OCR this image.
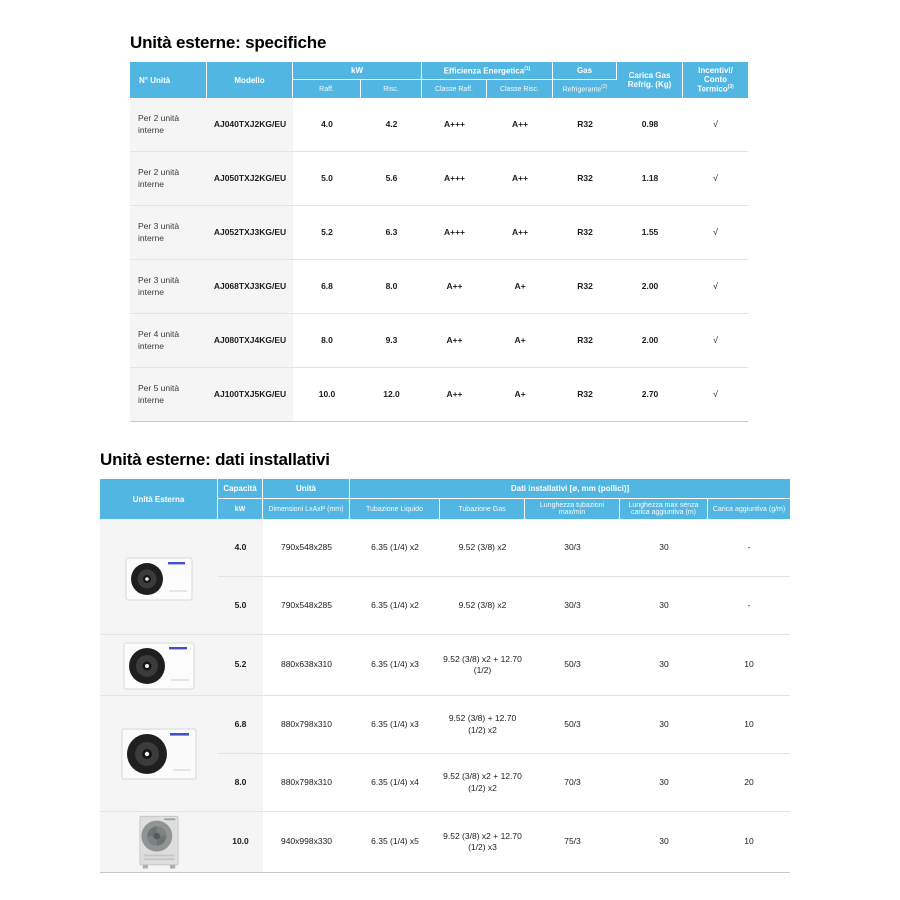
Unità esterne: specifiche
N° Unità	Modello	kW		Efficienza Energetica$^{(1)}$		Gas	Carica Gas Refrig. (Kg)	Incentivi/
Conto Termico$^{(3)}$

		Raff.	Risc.	Classe Raff.	Classe Risc.	Refrigerante$^{(2)}$
Per 2 unità interne	AJ040TXJ2KG/EU	4.0	4.2	A+++	A++	R32	0.98	√
Per 2 unità interne	AJ050TXJ2KG/EU	5.0	5.6	A+++	A++	R32	1.18	√
Per 3 unità interne	AJ052TXJ3KG/EU	5.2	6.3	A+++	A++	R32	1.55	√
Per 3 unità interne	AJ068TXJ3KG/EU	6.8	8.0	A++	A+	R32	2.00	√
Per 4 unità interne	AJ080TXJ4KG/EU	8.0	9.3	A++	A+	R32	2.00	√
Per 5 unità interne	AJ100TXJ5KG/EU	10.0	12.0	A++	A+	R32	2.70	√
Unità esterne: dati installativi
Unità Esterna	Capacità	Unità	Dati installativi [ø, mm (pollici)]				
	kW	Dimensioni LxAxP (mm)	Tubazione Liquido	Tubazione Gas	Lunghezza tubazioni max/min	Lunghezza max senza carica aggiuntiva (m)	Carica aggiuntiva (g/m)

	4.0	790x548x285	6.35 (1/4) x2	9.52 (3/8) x2	30/3	30	-
	5.0	790x548x285	6.35 (1/4) x2	9.52 (3/8) x2	30/3	30	-

	5.2	880x638x310	6.35 (1/4) x3	9.52 (3/8) x2 + 12.70 (1/2)	50/3	30	10

	6.8	880x798x310	6.35 (1/4) x3	9.52 (3/8) + 12.70 (1/2) x2	50/3	30	10
	8.0	880x798x310	6.35 (1/4) x4	9.52 (3/8) x2 + 12.70 (1/2) x2	70/3	30	20

	10.0	940x998x330	6.35 (1/4) x5	9.52 (3/8) x2 + 12.70 (1/2) x3	75/3	30	10
